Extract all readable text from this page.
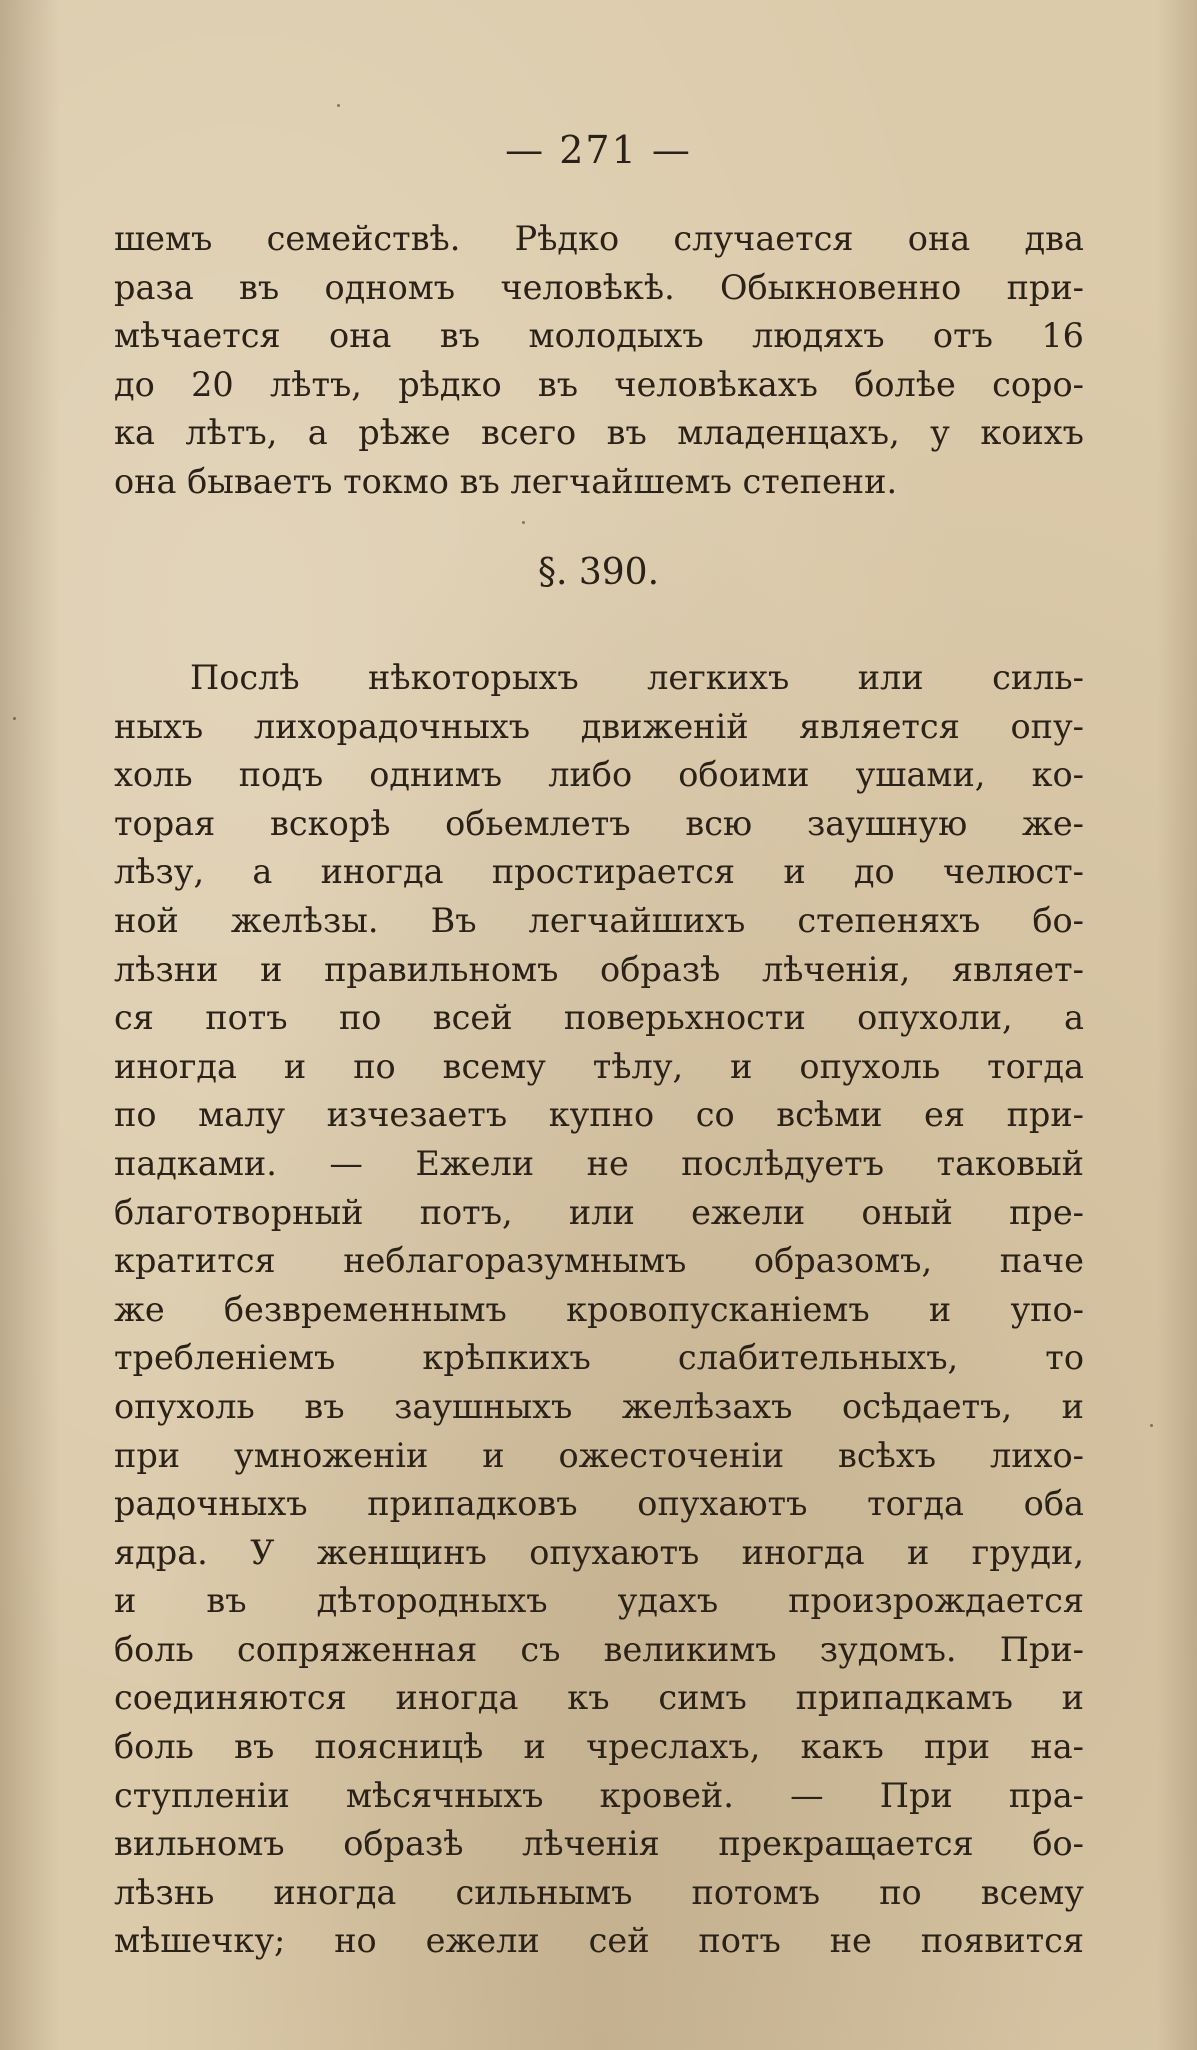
— 271 —
шемъ семействѣ. Рѣдко случается она два
раза въ одномъ человѣкѣ. Обыкновенно при-
мѣчается она въ молодыхъ людяхъ отъ 16
до 20 лѣтъ, рѣдко въ человѣкахъ болѣе соро-
ка лѣтъ, а рѣже всего въ младенцахъ, у коихъ
она бываетъ токмо въ легчайшемъ степени.
§. 390.
Послѣ нѣкоторыхъ легкихъ или силь-
ныхъ лихорадочныхъ движенiй является опу-
холь подъ однимъ либо обоими ушами, ко-
торая вскорѣ обьемлетъ всю заушную же-
лѣзу, а иногда простирается и до челюст-
ной желѣзы. Въ легчайшихъ степеняхъ бо-
лѣзни и правильномъ образѣ лѣченiя, являет-
ся потъ по всей поверьхности опухоли, а
иногда и по всему тѣлу, и опухоль тогда
по малу изчезаетъ купно со всѣми ея при-
падками. — Ежели не послѣдуетъ таковый
благотворный потъ, или ежели оный пре-
кратится неблагоразумнымъ образомъ, паче
же безвременнымъ кровопусканiемъ и упо-
требленiемъ крѣпкихъ слабительныхъ, то
опухоль въ заушныхъ желѣзахъ осѣдаетъ, и
при умноженiи и ожесточенiи всѣхъ лихо-
радочныхъ припадковъ опухаютъ тогда оба
ядра. У женщинъ опухаютъ иногда и груди,
и въ дѣтородныхъ удахъ произрождается
боль сопряженная съ великимъ зудомъ. При-
соединяются иногда къ симъ припадкамъ и
боль въ поясницѣ и чреслахъ, какъ при на-
ступленiи мѣсячныхъ кровей. — При пра-
вильномъ образѣ лѣченiя прекращается бо-
лѣзнь иногда сильнымъ потомъ по всему
мѣшечку; но ежели сей потъ не появится
